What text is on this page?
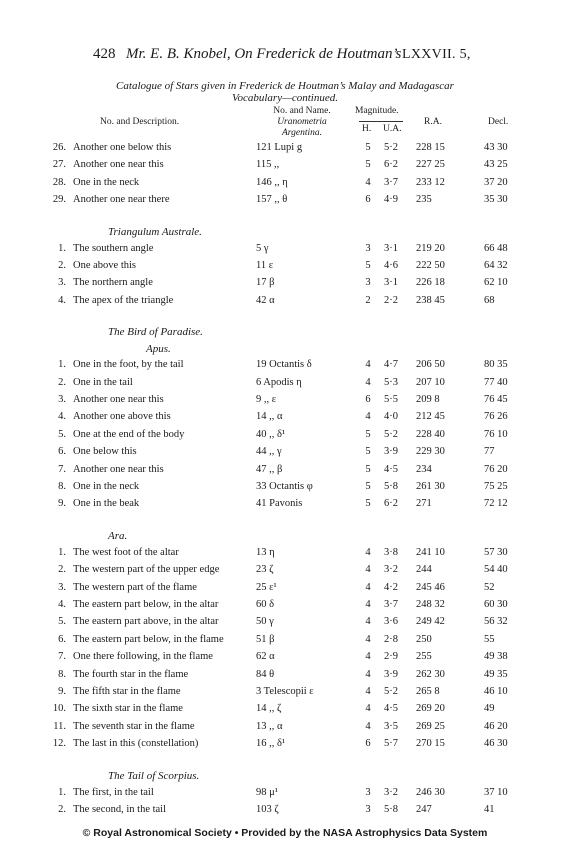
428 Mr. E. B. Knobel, On Frederick de Houtman’s LXXVII. 5,
Catalogue of Stars given in Frederick de Houtman’s Malay and Madagascar
Vocabulary—continued.
No. and Description.
No. and Name.
Uranometria
Argentina.
Magnitude.
H. U.A.
R.A.	Decl.
26. Another one below this	121 Lupi g	5	5·2 228 15	43 30
27. Another one near this	115 ,,	5	6·2 227 25	43 25
28. One in the neck	146 ,, η	4	3·7 233 12	37 20
29. Another one near there	157 ,, θ	6	4·9 235	35 30
Triangulum Australe.
1. The southern angle	5 γ	3	3·1 219 20	66 48
2. One above this	11 ε	5	4·6 222 50	64 32
3. The northern angle	17 β	3	3·1 226 18	62 10
4. The apex of the triangle	42 α	2	2·2 238 45	68
The Bird of Paradise.
Apus.
1. One in the foot, by the tail	19 Octantis δ	4	4·7 206 50	80 35
2. One in the tail	6 Apodis η	4	5·3 207 10	77 40
3. Another one near this	9 ,, ε	6	5·5 209 8	76 45
4. Another one above this	14 ,, α	4	4·0 212 45	76 26
5. One at the end of the body	40 ,, δ¹	5	5·2 228 40	76 10
6. One below this	44 ,, γ	5	3·9 229 30	77
7. Another one near this	47 ,, β	5	4·5 234	76 20
8. One in the neck	33 Octantis φ	5	5·8 261 30	75 25
9. One in the beak	41 Pavonis	5	6·2 271	72 12
Ara.
1. The west foot of the altar	13 η	4	3·8 241 10	57 30
2. The western part of the upper edge	23 ζ	4	3·2 244	54 40
3. The western part of the flame	25 ε¹	4	4·2 245 46	52
4. The eastern part below, in the altar	60 δ	4	3·7 248 32	60 30
5. The eastern part above, in the altar	50 γ	4	3·6 249 42	56 32
6. The eastern part below, in the flame	51 β	4	2·8 250	55
7. One there following, in the flame	62 α	4	2·9 255	49 38
8. The fourth star in the flame	84 θ	4	3·9 262 30	49 35
9. The fifth star in the flame	3 Telescopii ε	4	5·2 265 8	46 10
10. The sixth star in the flame	14 ,, ζ	4	4·5 269 20	49
11. The seventh star in the flame	13 ,, α	4	3·5 269 25	46 20
12. The last in this (constellation)	16 ,, δ¹	6	5·7 270 15	46 30
The Tail of Scorpius.
1. The first, in the tail	98 μ¹	3	3·2 246 30	37 10
2. The second, in the tail	103 ζ	3	5·8 247	41
© Royal Astronomical Society • Provided by the NASA Astrophysics Data System
